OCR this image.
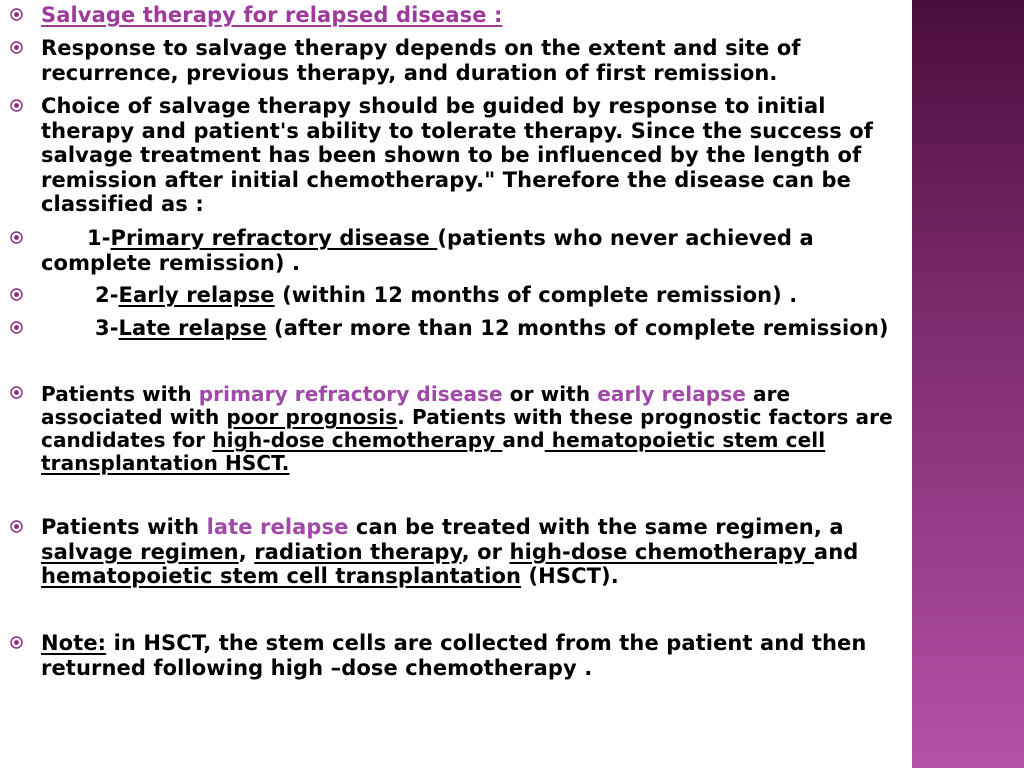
Salvage therapy for relapsed disease :
Response to salvage therapy depends on the extent and site of recurrence, previous therapy, and duration of first remission.
Choice of salvage therapy should be guided by response to initial therapy and patient's ability to tolerate therapy. Since the success of salvage treatment has been shown to be influenced by the length of remission after initial chemotherapy." Therefore the disease can be classified as :
1-Primary refractory disease (patients who never achieved a complete remission) .
2-Early relapse (within 12 months of complete remission) .
3-Late relapse (after more than 12 months of complete remission)
Patients with primary refractory disease or with early relapse are associated with poor prognosis. Patients with these prognostic factors are candidates for high-dose chemotherapy and hematopoietic stem cell transplantation HSCT.
Patients with late relapse can be treated with the same regimen, a salvage regimen, radiation therapy, or high-dose chemotherapy and hematopoietic stem cell transplantation (HSCT).
Note: in HSCT, the stem cells are collected from the patient and then returned following high –dose chemotherapy .
